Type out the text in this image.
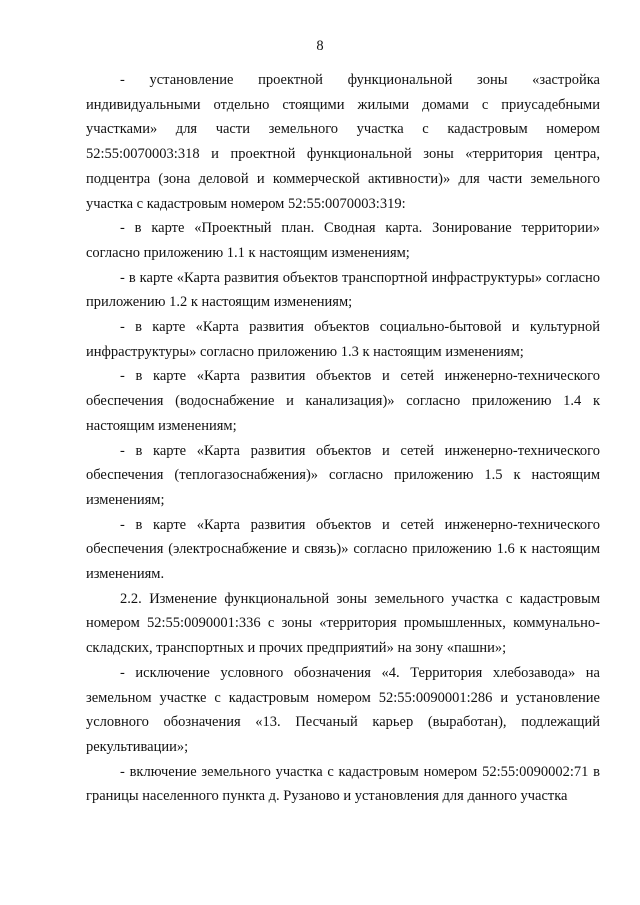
8

- установление проектной функциональной зоны «застройка индивидуальными отдельно стоящими жилыми домами с приусадебными участками» для части земельного участка с кадастровым номером 52:55:0070003:318 и проектной функциональной зоны «территория центра, подцентра (зона деловой и коммерческой активности)» для части земельного участка с кадастровым номером 52:55:0070003:319:

- в карте «Проектный план. Сводная карта. Зонирование территории» согласно приложению 1.1 к настоящим изменениям;

- в карте «Карта развития объектов транспортной инфраструктуры» согласно приложению 1.2 к настоящим изменениям;

- в карте «Карта развития объектов социально-бытовой и культурной инфраструктуры» согласно приложению 1.3 к настоящим изменениям;

- в карте «Карта развития объектов и сетей инженерно-технического обеспечения (водоснабжение и канализация)» согласно приложению 1.4 к настоящим изменениям;

- в карте «Карта развития объектов и сетей инженерно-технического обеспечения (теплогазоснабжения)» согласно приложению 1.5 к настоящим изменениям;

- в карте «Карта развития объектов и сетей инженерно-технического обеспечения (электроснабжение и связь)» согласно приложению 1.6 к настоящим изменениям.

2.2. Изменение функциональной зоны земельного участка с кадастровым номером 52:55:0090001:336 с зоны «территория промышленных, коммунально-складских, транспортных и прочих предприятий» на зону «пашни»;

- исключение условного обозначения «4. Территория хлебозавода» на земельном участке с кадастровым номером 52:55:0090001:286 и установление условного обозначения «13. Песчаный карьер (выработан), подлежащий рекультивации»;

- включение земельного участка с кадастровым номером 52:55:0090002:71 в границы населенного пункта д. Рузаново и установления для данного участка
